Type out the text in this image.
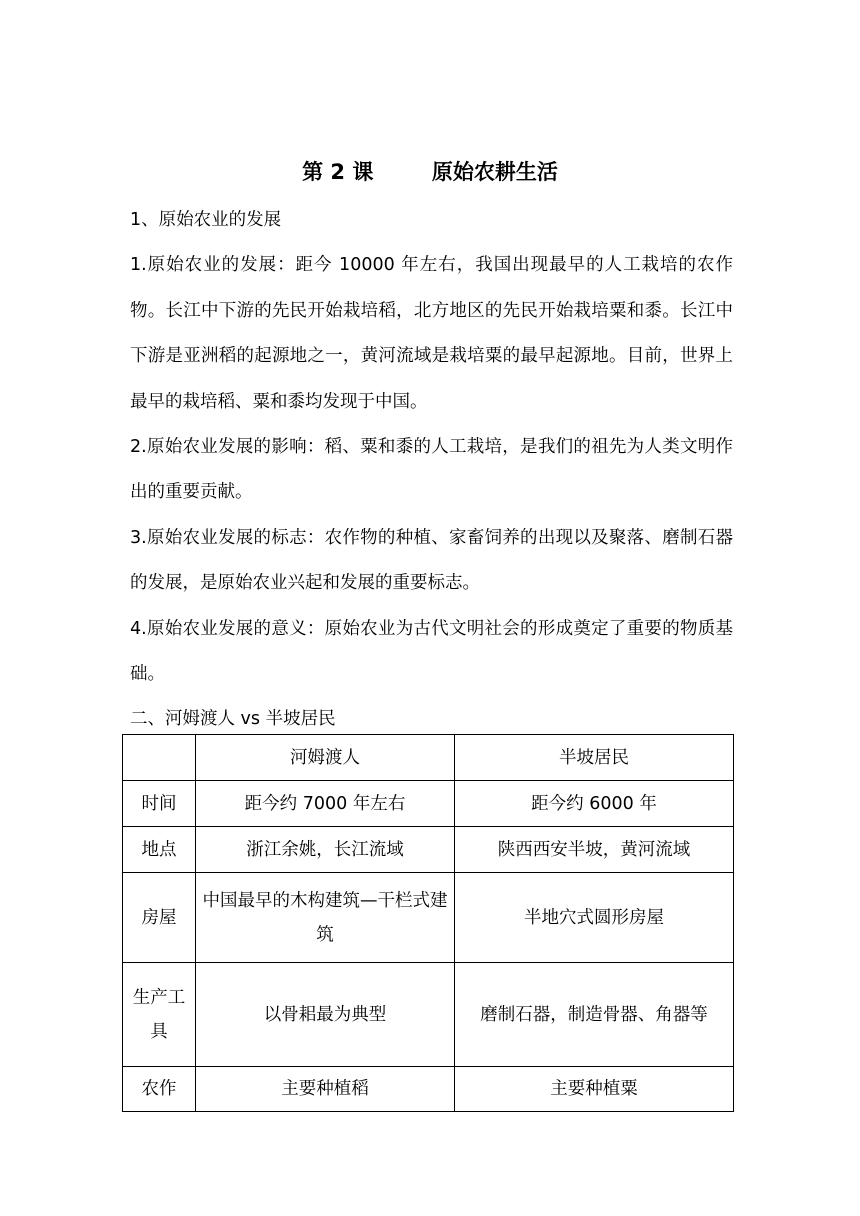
第 2 课        原始农耕生活

1、原始农业的发展

1.原始农业的发展：距今 10000 年左右，我国出现最早的人工栽培的农作物。长江中下游的先民开始栽培稻，北方地区的先民开始栽培粟和黍。长江中下游是亚洲稻的起源地之一，黄河流域是栽培粟的最早起源地。目前，世界上最早的栽培稻、粟和黍均发现于中国。

2.原始农业发展的影响：稻、粟和黍的人工栽培，是我们的祖先为人类文明作出的重要贡献。

3.原始农业发展的标志：农作物的种植、家畜饲养的出现以及聚落、磨制石器的发展，是原始农业兴起和发展的重要标志。

4.原始农业发展的意义：原始农业为古代文明社会的形成奠定了重要的物质基础。

二、河姆渡人 vs 半坡居民

	河姆渡人	半坡居民
时间	距今约 7000 年左右	距今约 6000 年
地点	浙江余姚，长江流域	陕西西安半坡，黄河流域
房屋	中国最早的木构建筑—干栏式建筑	半地穴式圆形房屋
生产工具	以骨耜最为典型	磨制石器，制造骨器、角器等
农作	主要种植稻	主要种植粟
